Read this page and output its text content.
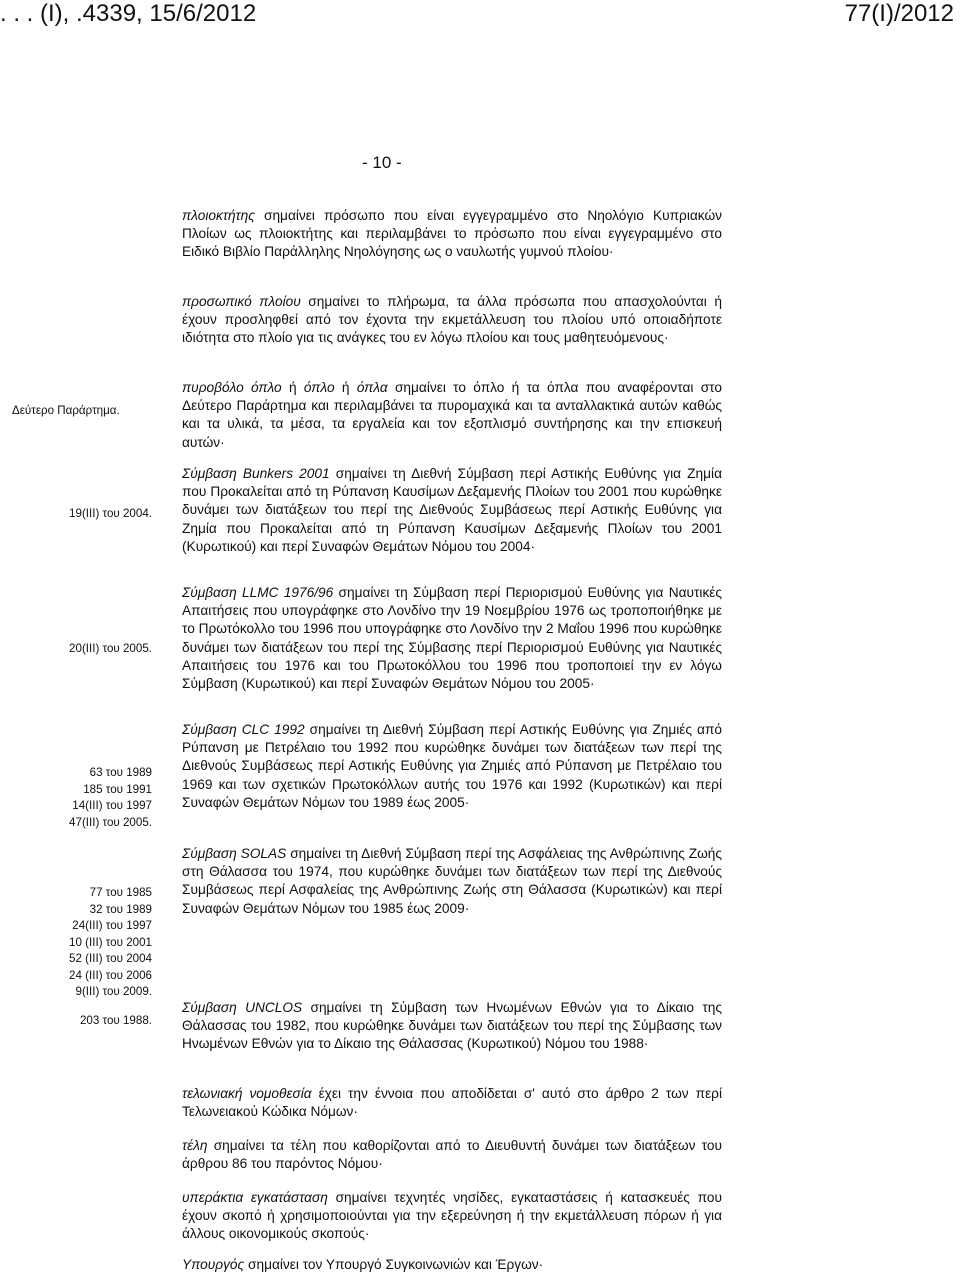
. . . (I), .4339, 15/6/2012	77(I)/2012
- 10 -
Δεύτερο Παράρτημα.
19(III) του 2004.
20(III) του 2005.
63 του 1989
185 του 1991
14(III) του 1997
47(III) του 2005.
77 του 1985
32 του 1989
24(III) του 1997
10 (III) του 2001
52 (III) του 2004
24 (III) του 2006
9(III) του 2009.
203 του 1988.
πλοιοκτήτης σημαίνει πρόσωπο που είναι εγγεγραμμένο στο Νηολόγιο Κυπριακών Πλοίων ως πλοιοκτήτης και περιλαμβάνει το πρόσωπο που είναι εγγεγραμμένο στο Ειδικό Βιβλίο Παράλληλης Νηολόγησης ως ο ναυλωτής γυμνού πλοίου·
προσωπικό πλοίου σημαίνει το πλήρωμα, τα άλλα πρόσωπα που απασχολούνται ή έχουν προσληφθεί από τον έχοντα την εκμετάλλευση του πλοίου υπό οποιαδήποτε ιδιότητα στο πλοίο για τις ανάγκες του εν λόγω πλοίου και τους μαθητευόμενους·
πυροβόλο όπλο ή όπλο ή όπλα σημαίνει το όπλο ή τα όπλα που αναφέρονται στο Δεύτερο Παράρτημα και περιλαμβάνει τα πυρομαχικά και τα ανταλλακτικά αυτών καθώς και τα υλικά, τα μέσα, τα εργαλεία και τον εξοπλισμό συντήρησης και την επισκευή αυτών·
Σύμβαση Bunkers 2001 σημαίνει τη Διεθνή Σύμβαση περί Αστικής Ευθύνης για Ζημία που Προκαλείται από τη Ρύπανση Καυσίμων Δεξαμενής Πλοίων του 2001 που κυρώθηκε δυνάμει των διατάξεων του περί της Διεθνούς Συμβάσεως περί Αστικής Ευθύνης για Ζημία που Προκαλείται από τη Ρύπανση Καυσίμων Δεξαμενής Πλοίων του 2001 (Κυρωτικού) και περί Συναφών Θεμάτων Νόμου του 2004·
Σύμβαση LLMC 1976/96 σημαίνει τη Σύμβαση περί Περιορισμού Ευθύνης για Ναυτικές Απαιτήσεις που υπογράφηκε στο Λονδίνο την 19 Νοεμβρίου 1976 ως τροποποιήθηκε με το Πρωτόκολλο του 1996 που υπογράφηκε στο Λονδίνο την 2 Μαΐου 1996 που κυρώθηκε δυνάμει των διατάξεων του περί της Σύμβασης περί Περιορισμού Ευθύνης για Ναυτικές Απαιτήσεις του 1976 και του Πρωτοκόλλου του 1996 που τροποποιεί την εν λόγω Σύμβαση (Κυρωτικού) και περί Συναφών Θεμάτων Νόμου του 2005·
Σύμβαση CLC 1992 σημαίνει τη Διεθνή Σύμβαση περί Αστικής Ευθύνης για Ζημιές από Ρύπανση με Πετρέλαιο του 1992 που κυρώθηκε δυνάμει των διατάξεων των περί της Διεθνούς Συμβάσεως περί Αστικής Ευθύνης για Ζημιές από Ρύπανση με Πετρέλαιο του 1969 και των σχετικών Πρωτοκόλλων αυτής του 1976 και 1992 (Κυρωτικών) και περί Συναφών Θεμάτων Νόμων του 1989 έως 2005·
Σύμβαση SOLAS σημαίνει τη Διεθνή Σύμβαση περί της Ασφάλειας της Ανθρώπινης Ζωής στη Θάλασσα του 1974, που κυρώθηκε δυνάμει των διατάξεων των περί της Διεθνούς Συμβάσεως περί Ασφαλείας της Ανθρώπινης Ζωής στη Θάλασσα (Κυρωτικών) και περί Συναφών Θεμάτων Νόμων του 1985 έως 2009·
Σύμβαση UNCLOS σημαίνει τη Σύμβαση των Ηνωμένων Εθνών για το Δίκαιο της Θάλασσας του 1982, που κυρώθηκε δυνάμει των διατάξεων του περί της Σύμβασης των Ηνωμένων Εθνών για το Δίκαιο της Θάλασσας (Κυρωτικού) Νόμου του 1988·
τελωνιακή νομοθεσία έχει την έννοια που αποδίδεται σ' αυτό στο άρθρο 2 των περί Τελωνειακού Κώδικα Νόμων·
τέλη σημαίνει τα τέλη που καθορίζονται από το Διευθυντή δυνάμει των διατάξεων του άρθρου 86 του παρόντος Νόμου·
υπεράκτια εγκατάσταση σημαίνει τεχνητές νησίδες, εγκαταστάσεις ή κατασκευές που έχουν σκοπό ή χρησιμοποιούνται για την εξερεύνηση ή την εκμετάλλευση πόρων ή για άλλους οικονομικούς σκοπούς·
Υπουργός σημαίνει τον Υπουργό Συγκοινωνιών και Έργων·
